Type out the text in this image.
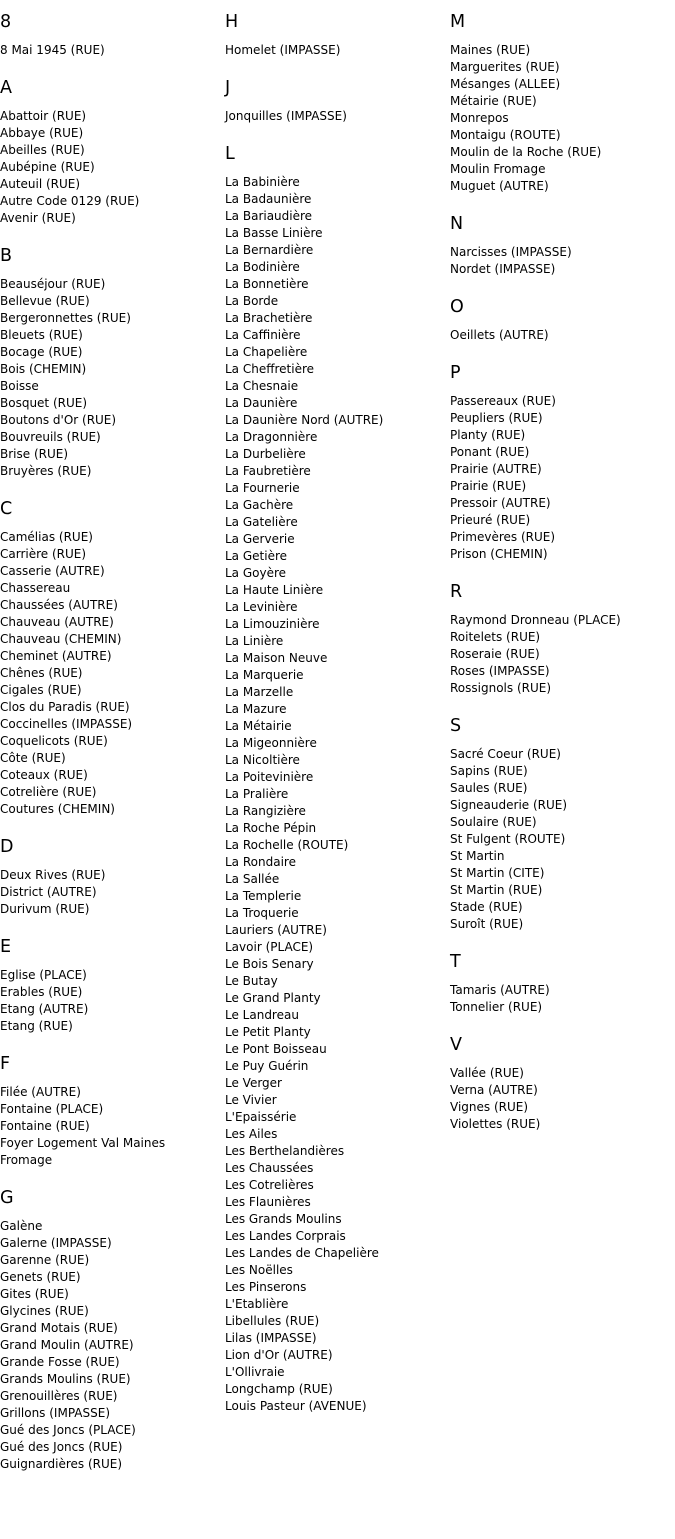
8
8 Mai 1945 (RUE)
A
Abattoir (RUE)
Abbaye (RUE)
Abeilles (RUE)
Aubépine (RUE)
Auteuil (RUE)
Autre Code 0129 (RUE)
Avenir (RUE)
B
Beauséjour (RUE)
Bellevue (RUE)
Bergeronnettes (RUE)
Bleuets (RUE)
Bocage (RUE)
Bois (CHEMIN)
Boisse
Bosquet (RUE)
Boutons d'Or (RUE)
Bouvreuils (RUE)
Brise (RUE)
Bruyères (RUE)
C
Camélias (RUE)
Carrière (RUE)
Casserie (AUTRE)
Chassereau
Chaussées (AUTRE)
Chauveau (AUTRE)
Chauveau (CHEMIN)
Cheminet (AUTRE)
Chênes (RUE)
Cigales (RUE)
Clos du Paradis (RUE)
Coccinelles (IMPASSE)
Coquelicots (RUE)
Côte (RUE)
Coteaux (RUE)
Cotrelière (RUE)
Coutures (CHEMIN)
D
Deux Rives (RUE)
District (AUTRE)
Durivum (RUE)
E
Eglise (PLACE)
Erables (RUE)
Etang (AUTRE)
Etang (RUE)
F
Filée (AUTRE)
Fontaine (PLACE)
Fontaine (RUE)
Foyer Logement Val Maines
Fromage
G
Galène
Galerne (IMPASSE)
Garenne (RUE)
Genets (RUE)
Gites (RUE)
Glycines (RUE)
Grand Motais (RUE)
Grand Moulin (AUTRE)
Grande Fosse (RUE)
Grands Moulins (RUE)
Grenouillères (RUE)
Grillons (IMPASSE)
Gué des Joncs (PLACE)
Gué des Joncs (RUE)
Guignardières (RUE)
H
Homelet (IMPASSE)
J
Jonquilles (IMPASSE)
L
La Babinière
La Badaunière
La Bariaudière
La Basse Linière
La Bernardière
La Bodinière
La Bonnetière
La Borde
La Brachetière
La Caffinière
La Chapelière
La Cheffretière
La Chesnaie
La Daunière
La Daunière Nord (AUTRE)
La Dragonnière
La Durbelière
La Faubretière
La Fournerie
La Gachère
La Gatelière
La Gerverie
La Getière
La Goyère
La Haute Linière
La Levinière
La Limouzinière
La Linière
La Maison Neuve
La Marquerie
La Marzelle
La Mazure
La Métairie
La Migeonnière
La Nicoltière
La Poitevinière
La Pralière
La Rangizière
La Roche Pépin
La Rochelle (ROUTE)
La Rondaire
La Sallée
La Templerie
La Troquerie
Lauriers (AUTRE)
Lavoir (PLACE)
Le Bois Senary
Le Butay
Le Grand Planty
Le Landreau
Le Petit Planty
Le Pont Boisseau
Le Puy Guérin
Le Verger
Le Vivier
L'Epaissérie
Les Ailes
Les Berthelandières
Les Chaussées
Les Cotrelières
Les Flaunières
Les Grands Moulins
Les Landes Corprais
Les Landes de Chapelière
Les Noëlles
Les Pinserons
L'Etablière
Libellules (RUE)
Lilas (IMPASSE)
Lion d'Or (AUTRE)
L'Ollivraie
Longchamp (RUE)
Louis Pasteur (AVENUE)
M
Maines (RUE)
Marguerites (RUE)
Mésanges (ALLEE)
Métairie (RUE)
Monrepos
Montaigu (ROUTE)
Moulin de la Roche (RUE)
Moulin Fromage
Muguet (AUTRE)
N
Narcisses (IMPASSE)
Nordet (IMPASSE)
O
Oeillets (AUTRE)
P
Passereaux (RUE)
Peupliers (RUE)
Planty (RUE)
Ponant (RUE)
Prairie (AUTRE)
Prairie (RUE)
Pressoir (AUTRE)
Prieuré (RUE)
Primevères (RUE)
Prison (CHEMIN)
R
Raymond Dronneau (PLACE)
Roitelets (RUE)
Roseraie (RUE)
Roses (IMPASSE)
Rossignols (RUE)
S
Sacré Coeur (RUE)
Sapins (RUE)
Saules (RUE)
Signeauderie (RUE)
Soulaire (RUE)
St Fulgent (ROUTE)
St Martin
St Martin (CITE)
St Martin (RUE)
Stade (RUE)
Suroît (RUE)
T
Tamaris (AUTRE)
Tonnelier (RUE)
V
Vallée (RUE)
Verna (AUTRE)
Vignes (RUE)
Violettes (RUE)
